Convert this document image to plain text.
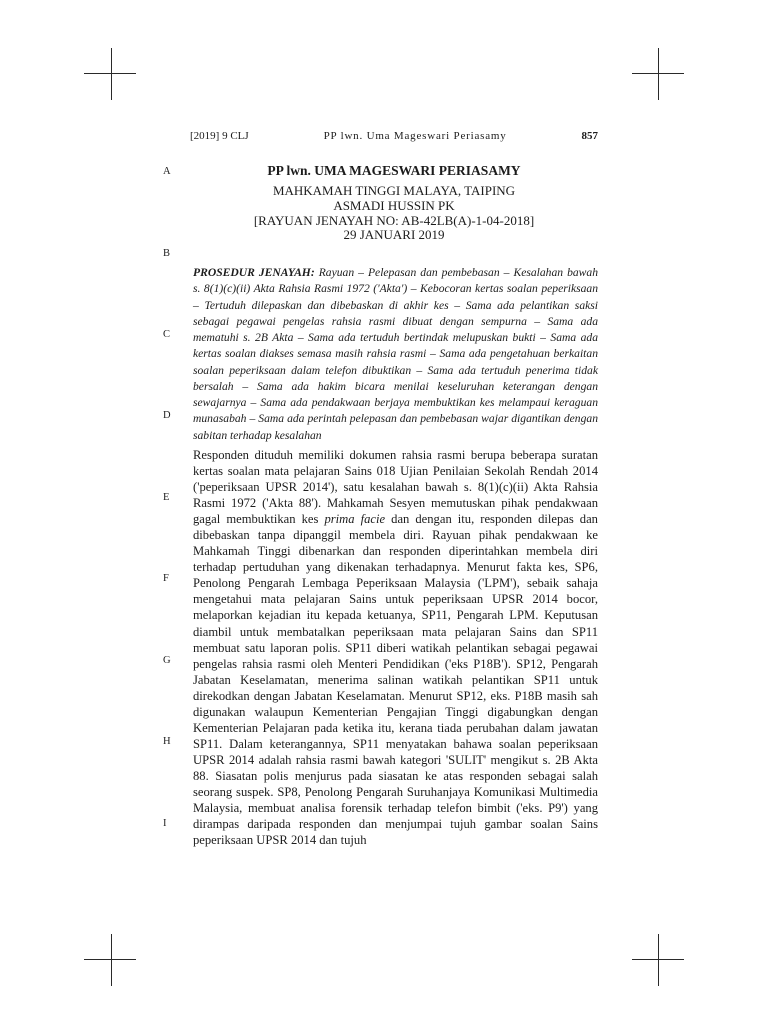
[2019] 9 CLJ	PP lwn. Uma Mageswari Periasamy	857
A
B
C
D
E
F
G
H
I
PP lwn. UMA MAGESWARI PERIASAMY
MAHKAMAH TINGGI MALAYA, TAIPING
ASMADI HUSSIN PK
[RAYUAN JENAYAH NO: AB-42LB(A)-1-04-2018]
29 JANUARI 2019
PROSEDUR JENAYAH: Rayuan – Pelepasan dan pembebasan – Kesalahan bawah s. 8(1)(c)(ii) Akta Rahsia Rasmi 1972 ('Akta') – Kebocoran kertas soalan peperiksaan – Tertuduh dilepaskan dan dibebaskan di akhir kes – Sama ada pelantikan saksi sebagai pegawai pengelas rahsia rasmi dibuat dengan sempurna – Sama ada mematuhi s. 2B Akta – Sama ada tertuduh bertindak melupuskan bukti – Sama ada kertas soalan diakses semasa masih rahsia rasmi – Sama ada pengetahuan berkaitan soalan peperiksaan dalam telefon dibuktikan – Sama ada tertuduh penerima tidak bersalah – Sama ada hakim bicara menilai keseluruhan keterangan dengan sewajarnya – Sama ada pendakwaan berjaya membuktikan kes melampaui keraguan munasabah – Sama ada perintah pelepasan dan pembebasan wajar digantikan dengan sabitan terhadap kesalahan
Responden dituduh memiliki dokumen rahsia rasmi berupa beberapa suratan kertas soalan mata pelajaran Sains 018 Ujian Penilaian Sekolah Rendah 2014 ('peperiksaan UPSR 2014'), satu kesalahan bawah s. 8(1)(c)(ii) Akta Rahsia Rasmi 1972 ('Akta 88'). Mahkamah Sesyen memutuskan pihak pendakwaan gagal membuktikan kes prima facie dan dengan itu, responden dilepas dan dibebaskan tanpa dipanggil membela diri. Rayuan pihak pendakwaan ke Mahkamah Tinggi dibenarkan dan responden diperintahkan membela diri terhadap pertuduhan yang dikenakan terhadapnya. Menurut fakta kes, SP6, Penolong Pengarah Lembaga Peperiksaan Malaysia ('LPM'), sebaik sahaja mengetahui mata pelajaran Sains untuk peperiksaan UPSR 2014 bocor, melaporkan kejadian itu kepada ketuanya, SP11, Pengarah LPM. Keputusan diambil untuk membatalkan peperiksaan mata pelajaran Sains dan SP11 membuat satu laporan polis. SP11 diberi watikah pelantikan sebagai pegawai pengelas rahsia rasmi oleh Menteri Pendidikan ('eks P18B'). SP12, Pengarah Jabatan Keselamatan, menerima salinan watikah pelantikan SP11 untuk direkodkan dengan Jabatan Keselamatan. Menurut SP12, eks. P18B masih sah digunakan walaupun Kementerian Pengajian Tinggi digabungkan dengan Kementerian Pelajaran pada ketika itu, kerana tiada perubahan dalam jawatan SP11. Dalam keterangannya, SP11 menyatakan bahawa soalan peperiksaan UPSR 2014 adalah rahsia rasmi bawah kategori 'SULIT' mengikut s. 2B Akta 88. Siasatan polis menjurus pada siasatan ke atas responden sebagai salah seorang suspek. SP8, Penolong Pengarah Suruhanjaya Komunikasi Multimedia Malaysia, membuat analisa forensik terhadap telefon bimbit ('eks. P9') yang dirampas daripada responden dan menjumpai tujuh gambar soalan Sains peperiksaan UPSR 2014 dan tujuh
